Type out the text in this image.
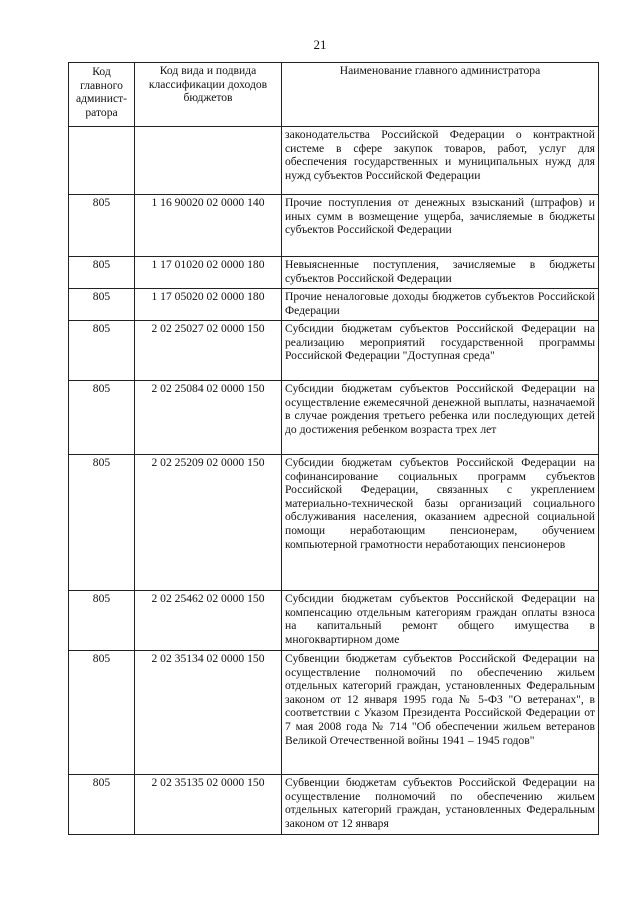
21
Код главного админист-ратора	Код вида и подвида классификации доходов бюджетов	Наименование главного администратора
		законодательства Российской Федерации о контрактной системе в сфере закупок товаров, работ, услуг для обеспечения государственных и муниципальных нужд для нужд субъектов Российской Федерации
805	1 16 90020 02 0000 140	Прочие поступления от денежных взысканий (штрафов) и иных сумм в возмещение ущерба, зачисляемые в бюджеты субъектов Российской Федерации
805	1 17 01020 02 0000 180	Невыясненные поступления, зачисляемые в бюджеты субъектов Российской Федерации
805	1 17 05020 02 0000 180	Прочие неналоговые доходы бюджетов субъектов Российской Федерации
805	2 02 25027 02 0000 150	Субсидии бюджетам субъектов Российской Федерации на реализацию мероприятий государственной программы Российской Федерации "Доступная среда"
805	2 02 25084 02 0000 150	Субсидии бюджетам субъектов Российской Федерации на осуществление ежемесячной денежной выплаты, назначаемой в случае рождения третьего ребенка или последующих детей до достижения ребенком возраста трех лет
805	2 02 25209 02 0000 150	Субсидии бюджетам субъектов Российской Федерации на софинансирование социальных программ субъектов Российской Федерации, связанных с укреплением материально-технической базы организаций социального обслуживания населения, оказанием адресной социальной помощи неработающим пенсионерам, обучением компьютерной грамотности неработающих пенсионеров
805	2 02 25462 02 0000 150	Субсидии бюджетам субъектов Российской Федерации на компенсацию отдельным категориям граждан оплаты взноса на капитальный ремонт общего имущества в многоквартирном доме
805	2 02 35134 02 0000 150	Субвенции бюджетам субъектов Российской Федерации на осуществление полномочий по обеспечению жильем отдельных категорий граждан, установленных Федеральным законом от 12 января 1995 года № 5-ФЗ "О ветеранах", в соответствии с Указом Президента Российской Федерации от 7 мая 2008 года № 714 "Об обеспечении жильем ветеранов Великой Отечественной войны 1941 – 1945 годов"
805	2 02 35135 02 0000 150	Субвенции бюджетам субъектов Российской Федерации на осуществление полномочий по обеспечению жильем отдельных категорий граждан, установленных Федеральным законом от 12 января
